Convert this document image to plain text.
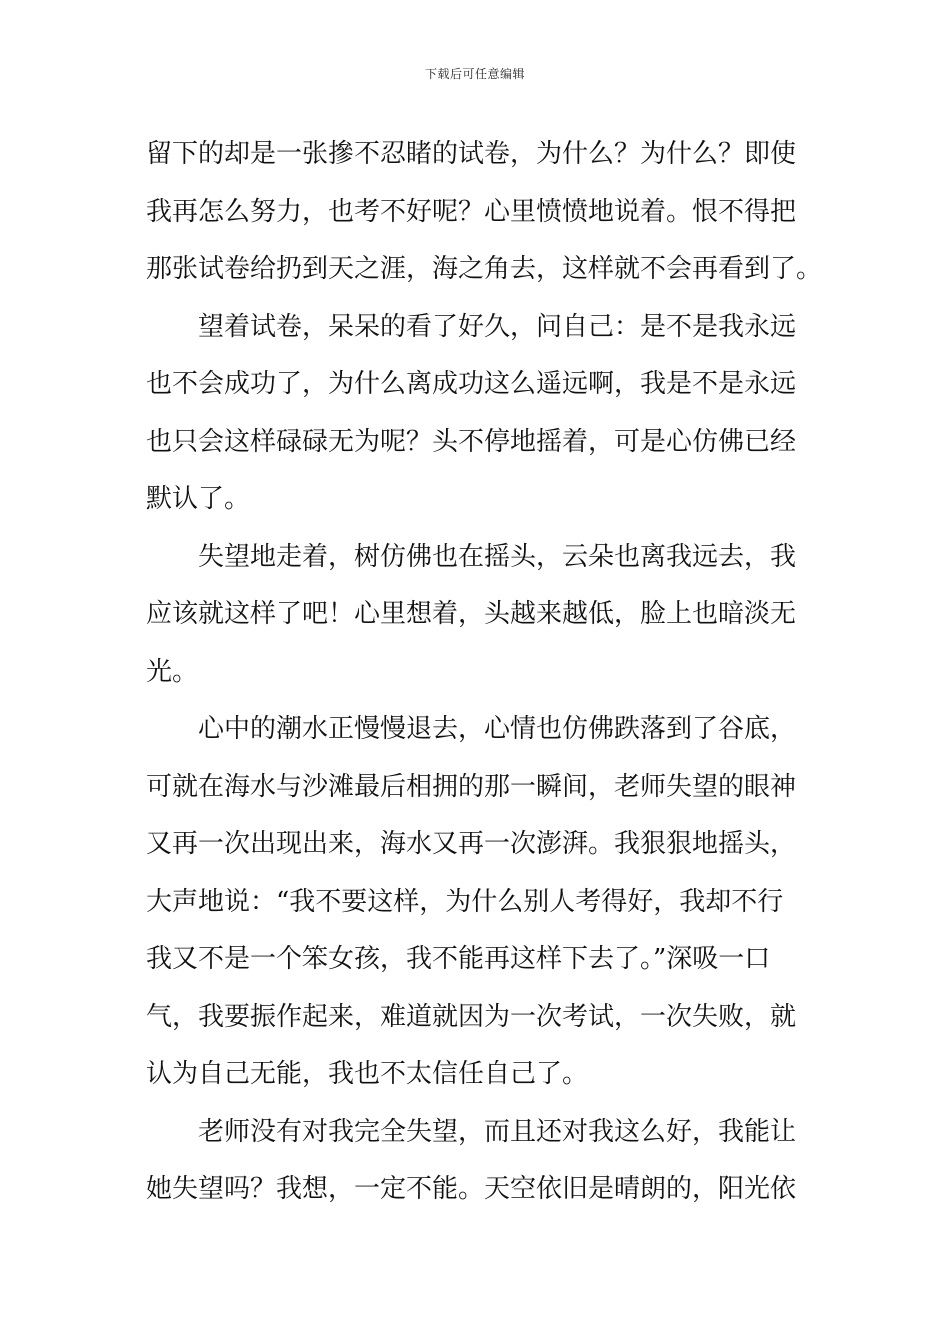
下载后可任意编辑
留下的却是一张摻不忍睹的试卷，为什么？为什么？即使
我再怎么努力，也考不好呢？心里愤愤地说着。恨不得把
那张试卷给扔到天之涯，海之角去，这样就不会再看到了。
望着试卷，呆呆的看了好久，问自己：是不是我永远
也不会成功了，为什么离成功这么遥远啊，我是不是永远
也只会这样碌碌无为呢？头不停地摇着，可是心仿佛已经
默认了。
失望地走着，树仿佛也在摇头，云朵也离我远去，我
应该就这样了吧！心里想着，头越来越低，脸上也暗淡无
光。
心中的潮水正慢慢退去，心情也仿佛跌落到了谷底，
可就在海水与沙滩最后相拥的那一瞬间，老师失望的眼神
又再一次出现出来，海水又再一次澎湃。我狠狠地摇头，
大声地说：“我不要这样，为什么别人考得好，我却不行
我又不是一个笨女孩，我不能再这样下去了。”深吸一口
气，我要振作起来，难道就因为一次考试，一次失败，就
认为自己无能，我也不太信任自己了。
老师没有对我完全失望，而且还对我这么好，我能让
她失望吗？我想，一定不能。天空依旧是晴朗的，阳光依
